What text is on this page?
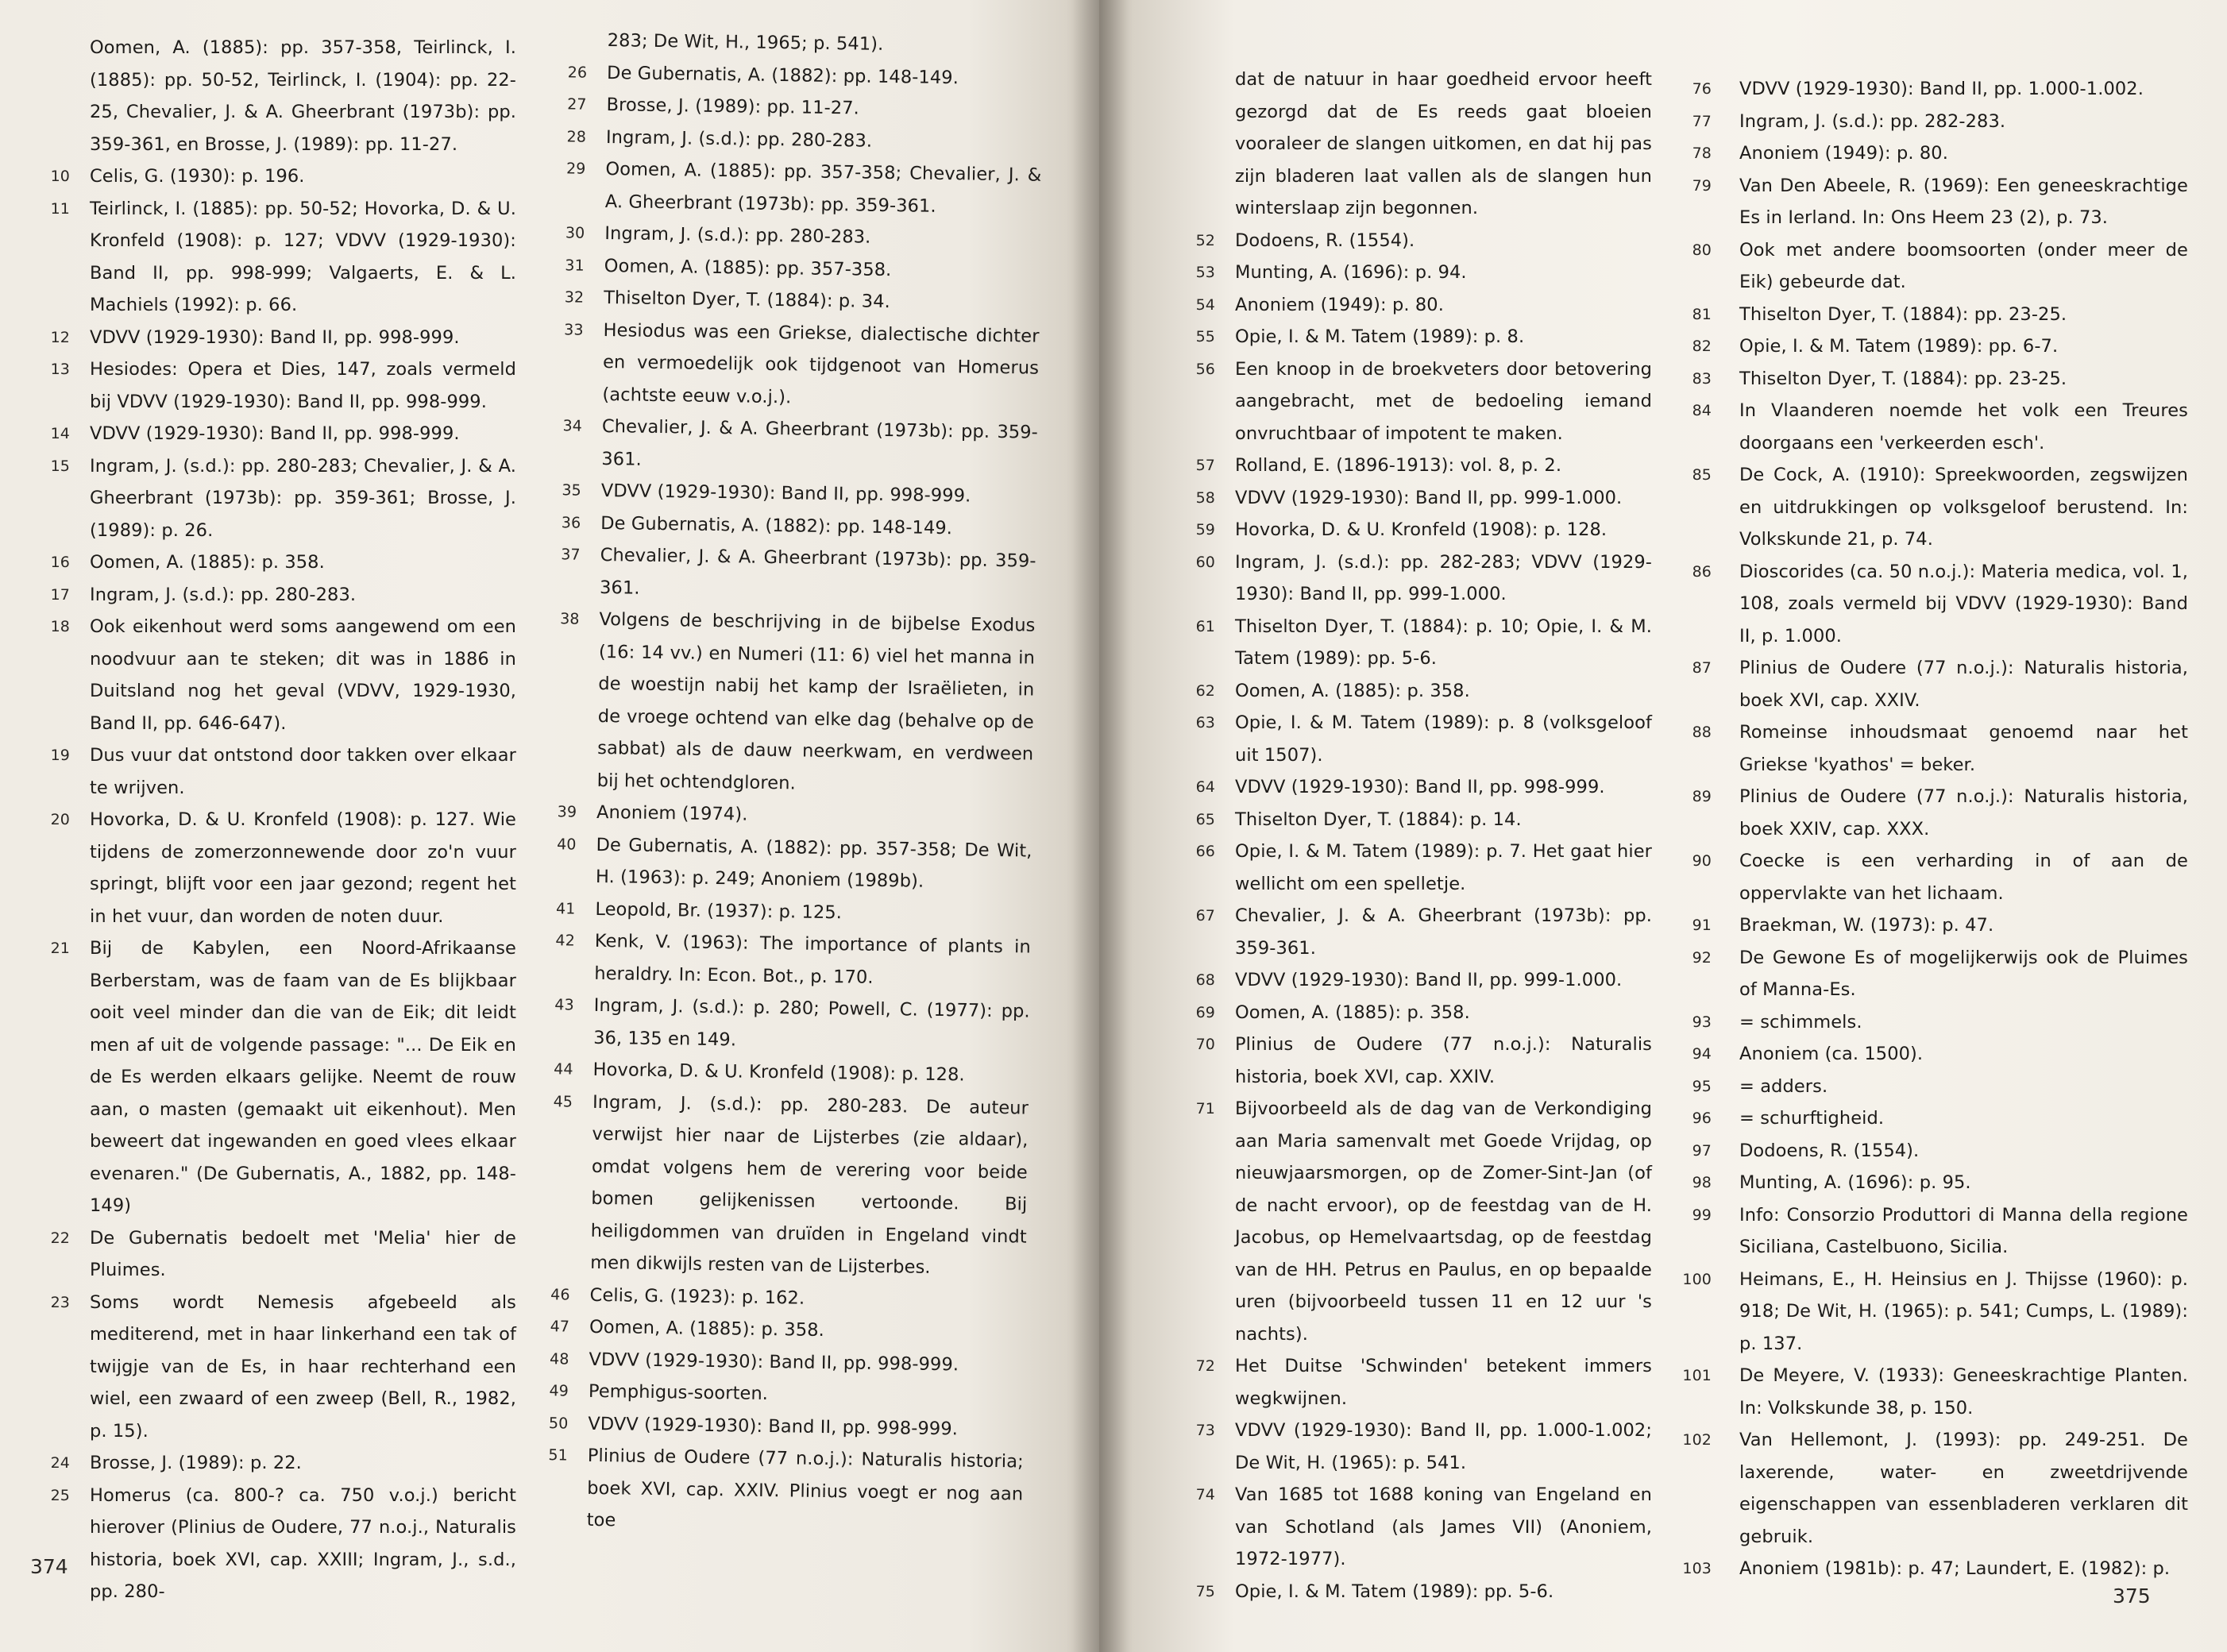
Oomen, A. (1885): pp. 357-358, Teirlinck, I. (1885): pp. 50-52, Teirlinck, I. (1904): pp. 22-25, Chevalier, J. & A. Gheerbrant (1973b): pp. 359-361, en Brosse, J. (1989): pp. 11-27.
10 Celis, G. (1930): p. 196.
11 Teirlinck, I. (1885): pp. 50-52; Hovorka, D. & U. Kronfeld (1908): p. 127; VDVV (1929-1930): Band II, pp. 998-999; Valgaerts, E. & L. Machiels (1992): p. 66.
12 VDVV (1929-1930): Band II, pp. 998-999.
13 Hesiodes: Opera et Dies, 147, zoals vermeld bij VDVV (1929-1930): Band II, pp. 998-999.
14 VDVV (1929-1930): Band II, pp. 998-999.
15 Ingram, J. (s.d.): pp. 280-283; Chevalier, J. & A. Gheerbrant (1973b): pp. 359-361; Brosse, J. (1989): p. 26.
16 Oomen, A. (1885): p. 358.
17 Ingram, J. (s.d.): pp. 280-283.
18 Ook eikenhout werd soms aangewend om een noodvuur aan te steken; dit was in 1886 in Duitsland nog het geval (VDVV, 1929-1930, Band II, pp. 646-647).
19 Dus vuur dat ontstond door takken over elkaar te wrijven.
20 Hovorka, D. & U. Kronfeld (1908): p. 127. Wie tijdens de zomerzonnewende door zo'n vuur springt, blijft voor een jaar gezond; regent het in het vuur, dan worden de noten duur.
21 Bij de Kabylen, een Noord-Afrikaanse Berberstam, was de faam van de Es blijkbaar ooit veel minder dan die van de Eik; dit leidt men af uit de volgende passage: "... De Eik en de Es werden elkaars gelijke. Neemt de rouw aan, o masten (gemaakt uit eikenhout). Men beweert dat ingewanden en goed vlees elkaar evenaren." (De Gubernatis, A., 1882, pp. 148-149)
22 De Gubernatis bedoelt met 'Melia' hier de Pluimes.
23 Soms wordt Nemesis afgebeeld als mediterend, met in haar linkerhand een tak of twijgje van de Es, in haar rechterhand een wiel, een zwaard of een zweep (Bell, R., 1982, p. 15).
24 Brosse, J. (1989): p. 22.
25 Homerus (ca. 800-? ca. 750 v.o.j.) bericht hierover (Plinius de Oudere, 77 n.o.j., Naturalis historia, boek XVI, cap. XXIII; Ingram, J., s.d., pp. 280-
283; De Wit, H., 1965; p. 541).
26 De Gubernatis, A. (1882): pp. 148-149.
27 Brosse, J. (1989): pp. 11-27.
28 Ingram, J. (s.d.): pp. 280-283.
29 Oomen, A. (1885): pp. 357-358; Chevalier, J. & A. Gheerbrant (1973b): pp. 359-361.
30 Ingram, J. (s.d.): pp. 280-283.
31 Oomen, A. (1885): pp. 357-358.
32 Thiselton Dyer, T. (1884): p. 34.
33 Hesiodus was een Griekse, dialectische dichter en vermoedelijk ook tijdgenoot van Homerus (achtste eeuw v.o.j.).
34 Chevalier, J. & A. Gheerbrant (1973b): pp. 359-361.
35 VDVV (1929-1930): Band II, pp. 998-999.
36 De Gubernatis, A. (1882): pp. 148-149.
37 Chevalier, J. & A. Gheerbrant (1973b): pp. 359-361.
38 Volgens de beschrijving in de bijbelse Exodus (16: 14 vv.) en Numeri (11: 6) viel het manna in de woestijn nabij het kamp der Israëlieten, in de vroege ochtend van elke dag (behalve op de sabbat) als de dauw neerkwam, en verdween bij het ochtendgloren.
39 Anoniem (1974).
40 De Gubernatis, A. (1882): pp. 357-358; De Wit, H. (1963): p. 249; Anoniem (1989b).
41 Leopold, Br. (1937): p. 125.
42 Kenk, V. (1963): The importance of plants in heraldry. In: Econ. Bot., p. 170.
43 Ingram, J. (s.d.): p. 280; Powell, C. (1977): pp. 36, 135 en 149.
44 Hovorka, D. & U. Kronfeld (1908): p. 128.
45 Ingram, J. (s.d.): pp. 280-283. De auteur verwijst hier naar de Lijsterbes (zie aldaar), omdat volgens hem de verering voor beide bomen gelijkenissen vertoonde. Bij heiligdommen van druïden in Engeland vindt men dikwijls resten van de Lijsterbes.
46 Celis, G. (1923): p. 162.
47 Oomen, A. (1885): p. 358.
48 VDVV (1929-1930): Band II, pp. 998-999.
49 Pemphigus-soorten.
50 VDVV (1929-1930): Band II, pp. 998-999.
51 Plinius de Oudere (77 n.o.j.): Naturalis historia; boek XVI, cap. XXIV. Plinius voegt er nog aan toe
374
dat de natuur in haar goedheid ervoor heeft gezorgd dat de Es reeds gaat bloeien vooraleer de slangen uitkomen, en dat hij pas zijn bladeren laat vallen als de slangen hun winterslaap zijn begonnen.
52 Dodoens, R. (1554).
53 Munting, A. (1696): p. 94.
54 Anoniem (1949): p. 80.
55 Opie, I. & M. Tatem (1989): p. 8.
56 Een knoop in de broekveters door betovering aangebracht, met de bedoeling iemand onvruchtbaar of impotent te maken.
57 Rolland, E. (1896-1913): vol. 8, p. 2.
58 VDVV (1929-1930): Band II, pp. 999-1.000.
59 Hovorka, D. & U. Kronfeld (1908): p. 128.
60 Ingram, J. (s.d.): pp. 282-283; VDVV (1929-1930): Band II, pp. 999-1.000.
61 Thiselton Dyer, T. (1884): p. 10; Opie, I. & M. Tatem (1989): pp. 5-6.
62 Oomen, A. (1885): p. 358.
63 Opie, I. & M. Tatem (1989): p. 8 (volksgeloof uit 1507).
64 VDVV (1929-1930): Band II, pp. 998-999.
65 Thiselton Dyer, T. (1884): p. 14.
66 Opie, I. & M. Tatem (1989): p. 7. Het gaat hier wellicht om een spelletje.
67 Chevalier, J. & A. Gheerbrant (1973b): pp. 359-361.
68 VDVV (1929-1930): Band II, pp. 999-1.000.
69 Oomen, A. (1885): p. 358.
70 Plinius de Oudere (77 n.o.j.): Naturalis historia, boek XVI, cap. XXIV.
71 Bijvoorbeeld als de dag van de Verkondiging aan Maria samenvalt met Goede Vrijdag, op nieuwjaarsmorgen, op de Zomer-Sint-Jan (of de nacht ervoor), op de feestdag van de H. Jacobus, op Hemelvaartsdag, op de feestdag van de HH. Petrus en Paulus, en op bepaalde uren (bijvoorbeeld tussen 11 en 12 uur 's nachts).
72 Het Duitse 'Schwinden' betekent immers wegkwijnen.
73 VDVV (1929-1930): Band II, pp. 1.000-1.002; De Wit, H. (1965): p. 541.
74 Van 1685 tot 1688 koning van Engeland en van Schotland (als James VII) (Anoniem, 1972-1977).
75 Opie, I. & M. Tatem (1989): pp. 5-6.
76 VDVV (1929-1930): Band II, pp. 1.000-1.002.
77 Ingram, J. (s.d.): pp. 282-283.
78 Anoniem (1949): p. 80.
79 Van Den Abeele, R. (1969): Een geneeskrachtige Es in Ierland. In: Ons Heem 23 (2), p. 73.
80 Ook met andere boomsoorten (onder meer de Eik) gebeurde dat.
81 Thiselton Dyer, T. (1884): pp. 23-25.
82 Opie, I. & M. Tatem (1989): pp. 6-7.
83 Thiselton Dyer, T. (1884): pp. 23-25.
84 In Vlaanderen noemde het volk een Treures doorgaans een 'verkeerden esch'.
85 De Cock, A. (1910): Spreekwoorden, zegswijzen en uitdrukkingen op volksgeloof berustend. In: Volkskunde 21, p. 74.
86 Dioscorides (ca. 50 n.o.j.): Materia medica, vol. 1, 108, zoals vermeld bij VDVV (1929-1930): Band II, p. 1.000.
87 Plinius de Oudere (77 n.o.j.): Naturalis historia, boek XVI, cap. XXIV.
88 Romeinse inhoudsmaat genoemd naar het Griekse 'kyathos' = beker.
89 Plinius de Oudere (77 n.o.j.): Naturalis historia, boek XXIV, cap. XXX.
90 Coecke is een verharding in of aan de oppervlakte van het lichaam.
91 Braekman, W. (1973): p. 47.
92 De Gewone Es of mogelijkerwijs ook de Pluimes of Manna-Es.
93 = schimmels.
94 Anoniem (ca. 1500).
95 = adders.
96 = schurftigheid.
97 Dodoens, R. (1554).
98 Munting, A. (1696): p. 95.
99 Info: Consorzio Produttori di Manna della regione Siciliana, Castelbuono, Sicilia.
100 Heimans, E., H. Heinsius en J. Thijsse (1960): p. 918; De Wit, H. (1965): p. 541; Cumps, L. (1989): p. 137.
101 De Meyere, V. (1933): Geneeskrachtige Planten. In: Volkskunde 38, p. 150.
102 Van Hellemont, J. (1993): pp. 249-251. De laxerende, water- en zweetdrijvende eigenschappen van essenbladeren verklaren dit gebruik.
103 Anoniem (1981b): p. 47; Laundert, E. (1982): p.
375
